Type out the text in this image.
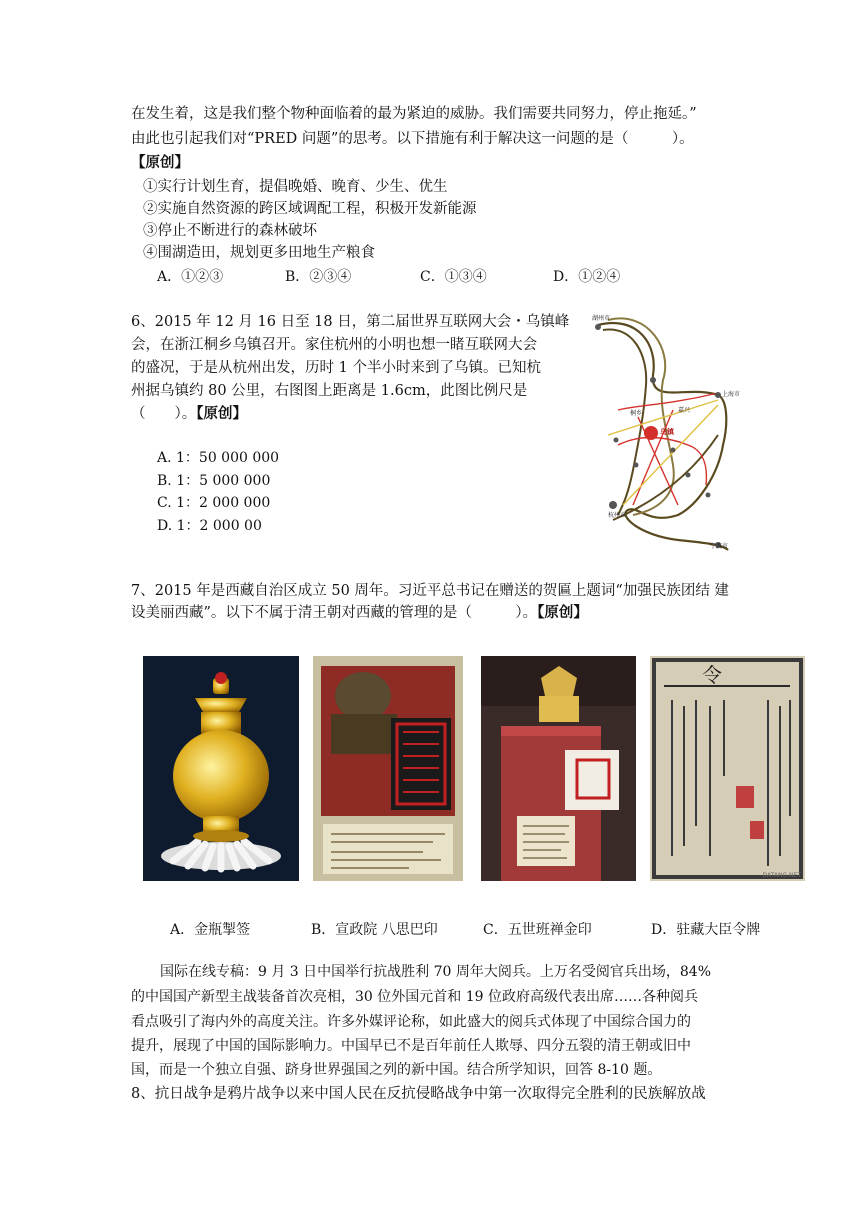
在发生着，这是我们整个物种面临着的最为紧迫的威胁。我们需要共同努力，停止拖延。”
由此也引起我们对“PRED 问题”的思考。以下措施有利于解决这一问题的是（　　　）。
【原创】
①实行计划生育，提倡晚婚、晚育、少生、优生
②实施自然资源的跨区域调配工程，积极开发新能源
③停止不断进行的森林破坏
④围湖造田，规划更多田地生产粮食
A．①②③	B．②③④	C．①③④	D．①②④
6、2015 年 12 月 16 日至 18 日，第二届世界互联网大会・乌镇峰
会，在浙江桐乡乌镇召开。家住杭州的小明也想一睹互联网大会
的盛况，于是从杭州出发，历时 1 个半小时来到了乌镇。已知杭
州据乌镇约 80 公里，右图图上距离是 1.6cm，此图比例尺是
（　　）。【原创】
A. 1：50 000 000
B. 1：5 000 000
C. 1：2 000 000
D. 1：2 000 00
湖州市
乌镇
杭州市
上海市
宁波市
嘉兴
桐乡
7、2015 年是西藏自治区成立 50 周年。习近平总书记在赠送的贺匾上题词“加强民族团结 建
设美丽西藏”。以下不属于清王朝对西藏的管理的是（　　　）。【原创】
令
DATANG.NET
A．金瓶掣签	B．宣政院 八思巴印	C．五世班禅金印	D．驻藏大臣令牌
国际在线专稿：9 月 3 日中国举行抗战胜利 70 周年大阅兵。上万名受阅官兵出场，84%
的中国国产新型主战装备首次亮相，30 位外国元首和 19 位政府高级代表出席……各种阅兵
看点吸引了海内外的高度关注。许多外媒评论称，如此盛大的阅兵式体现了中国综合国力的
提升，展现了中国的国际影响力。中国早已不是百年前任人欺辱、四分五裂的清王朝或旧中
国，而是一个独立自强、跻身世界强国之列的新中国。结合所学知识，回答 8-10 题。
8、抗日战争是鸦片战争以来中国人民在反抗侵略战争中第一次取得完全胜利的民族解放战
